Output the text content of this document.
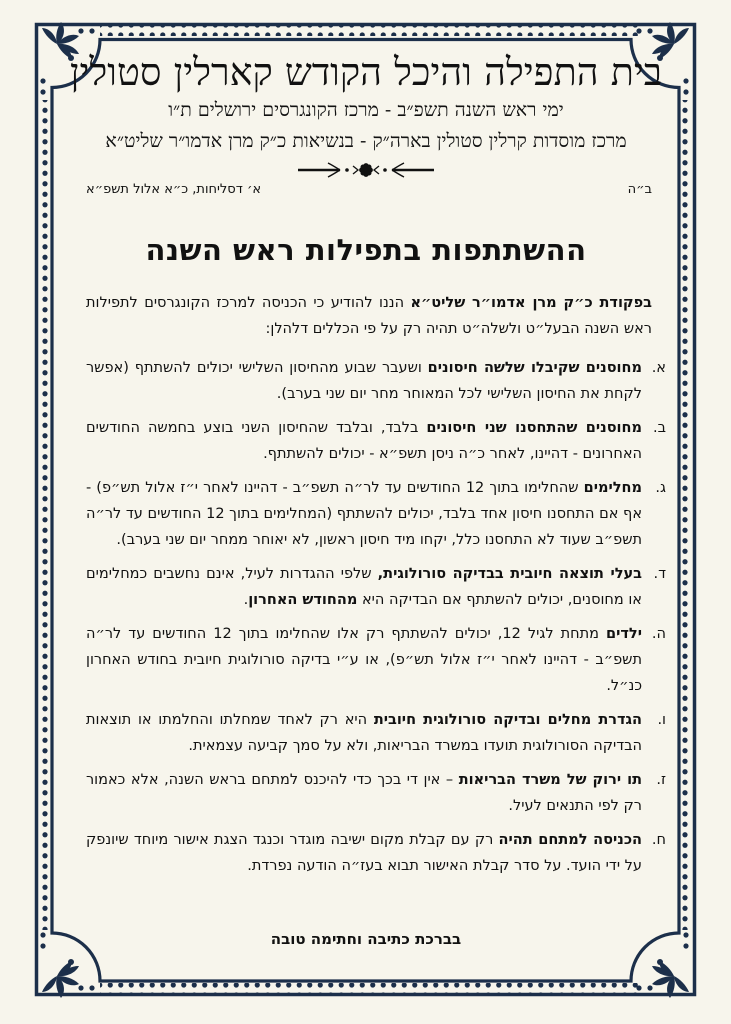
בית התפילה והיכל הקודש קארלין סטולין
ימי ראש השנה תשפ״ב - מרכז הקונגרסים ירושלים ת״ו
מרכז מוסדות קרלין סטולין בארה״ק - בנשיאות כ״ק מרן אדמו״ר שליט״א
ב״ה
א׳ דסליחות, כ״א אלול תשפ״א
ההשתתפות בתפילות ראש השנה
בפקודת כ״ק מרן אדמו״ר שליט״א הננו להודיע כי הכניסה למרכז הקונגרסים לתפילות ראש השנה הבעל״ט ולשלה״ט תהיה רק על פי הכללים דלהלן:
א.
מחוסנים שקיבלו שלשה חיסונים ושעבר שבוע מהחיסון השלישי יכולים להשתתף (אפשר לקחת את החיסון השלישי לכל המאוחר מחר יום שני בערב).
ב.
מחוסנים שהתחסנו שני חיסונים בלבד, ובלבד שהחיסון השני בוצע בחמשה החודשים האחרונים - דהיינו, לאחר כ״ה ניסן תשפ״א - יכולים להשתתף.
ג.
מחלימים שהחלימו בתוך 12 החודשים עד לר״ה תשפ״ב - דהיינו לאחר י״ז אלול תש״פ) - אף אם התחסנו חיסון אחד בלבד, יכולים להשתתף (המחלימים בתוך 12 החודשים עד לר״ה תשפ״ב שעוד לא התחסנו כלל, יקחו מיד חיסון ראשון, לא יאוחר ממחר יום שני בערב).
ד.
בעלי תוצאה חיובית בבדיקה סורולוגית, שלפי ההגדרות לעיל, אינם נחשבים כמחלימים או מחוסנים, יכולים להשתתף אם הבדיקה היא מהחודש האחרון.
ה.
ילדים מתחת לגיל 12, יכולים להשתתף רק אלו שהחלימו בתוך 12 החודשים עד לר״ה תשפ״ב - דהיינו לאחר י״ז אלול תש״פ), או ע״י בדיקה סורולוגית חיובית בחודש האחרון כנ״ל.
ו.
הגדרת מחלים ובדיקה סורולוגית חיובית היא רק לאחד שמחלתו והחלמתו או תוצאות הבדיקה הסורולוגית תועדו במשרד הבריאות, ולא על סמך קביעה עצמאית.
ז.
תו ירוק של משרד הבריאות – אין די בכך כדי להיכנס למתחם בראש השנה, אלא כאמור רק לפי התנאים לעיל.
ח.
הכניסה למתחם תהיה רק עם קבלת מקום ישיבה מוגדר וכנגד הצגת אישור מיוחד שיונפק על ידי הועד. על סדר קבלת האישור תבוא בעז״ה הודעה נפרדת.
בברכת כתיבה וחתימה טובה
